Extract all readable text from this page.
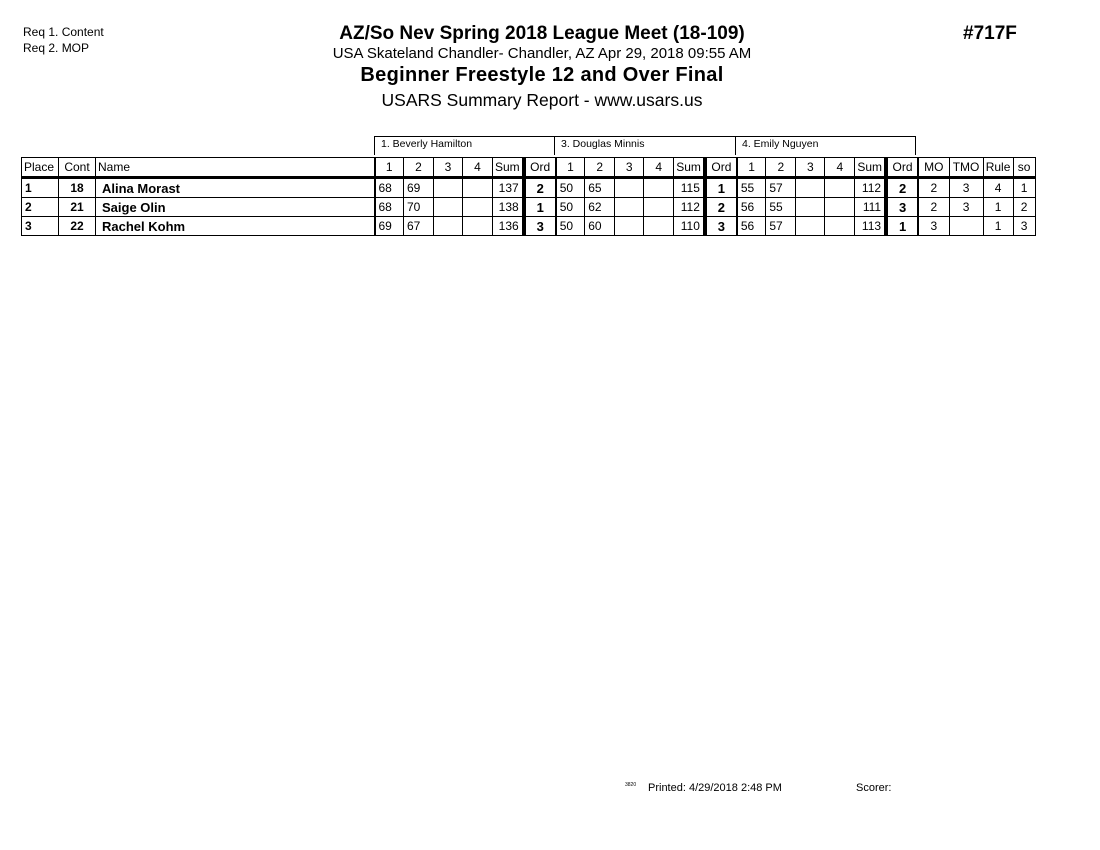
Req 1. Content
Req 2. MOP
AZ/So Nev Spring 2018 League Meet (18-109)
USA Skateland Chandler- Chandler, AZ Apr 29, 2018 09:55 AM
Beginner Freestyle 12 and Over Final
USARS Summary Report - www.usars.us
#717F
1. Beverly Hamilton	3. Douglas Minnis	4. Emily Nguyen
Place	Cont	Name	1	2	3	4	Sum	Ord	1	2	3	4	Sum	Ord	1	2	3	4	Sum	Ord	MO	TMO	Rule	so
1	18	Alina Morast	68	69			137	2	50	65			115	1	55	57			112	2	2	3	4	1
2	21	Saige Olin	68	70			138	1	50	62			112	2	56	55			111	3	2	3	1	2
3	22	Rachel Kohm	69	67			136	3	50	60			110	3	56	57			113	1	3		1	3
3820 Printed: 4/29/2018 2:48 PM	Scorer:
